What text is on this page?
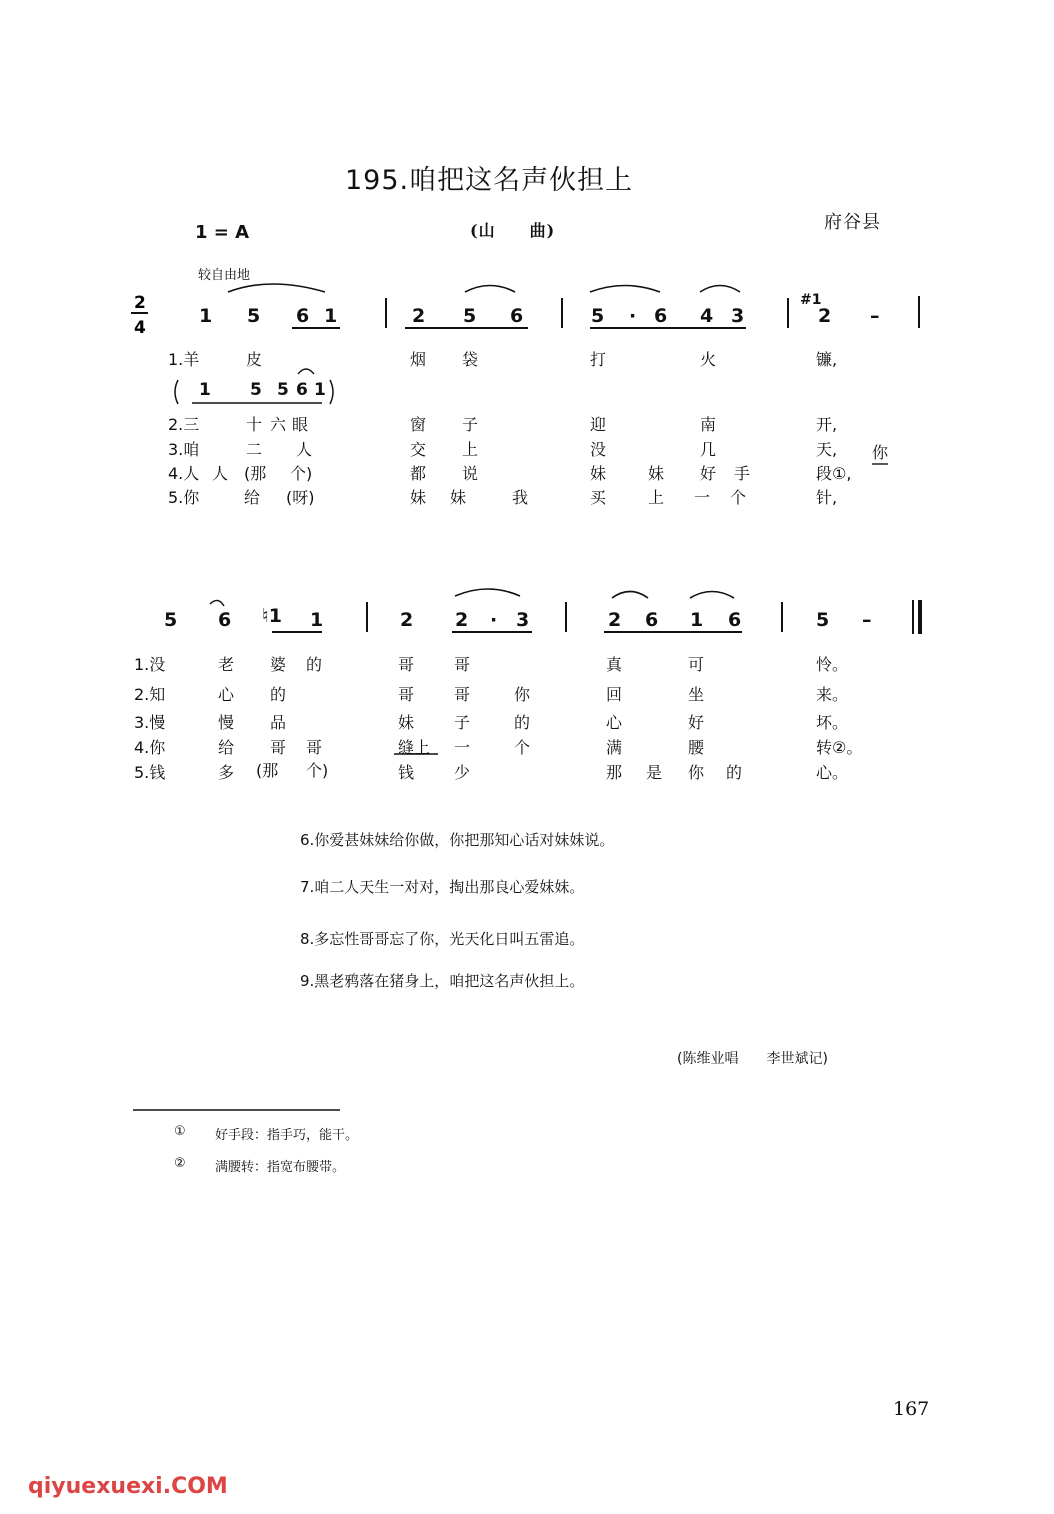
195.咱把这名声伙担上
1 = A	(山　　曲)	府谷县
较自由地
2
4
1 5 6 1	2 5 6	5 · 6 4 3
#1
2 –
1 5 5 6 1
1.羊	皮	烟 袋	打	火	镰,
2.三	十 六 眼	窗 子	迎	南	开,
3.咱	二 人	交 上	没	几	天, 你
4.人 人 (那 个)	都 说	妹	妹 好 手	段①,
5.你	给 (呀)	妹 妹	我	买	上 一 个	针,
5 6 ♮1 1	2 2 · 3	2 6 1 6	5 –
1.没	老 婆 的	哥 哥	真	可	怜。
2.知	心 的	哥 哥	你	回	坐	来。
3.慢	慢 品	妹 子	的	心	好	坏。
4.你	给 哥 哥	缝上 一	个	满	腰	转②。
5.钱	多 (那 个)	钱 少	那 是 你 的	心。
6.你爱甚妹妹给你做，你把那知心话对妹妹说。
7.咱二人天生一对对，掏出那良心爱妹妹。
8.多忘性哥哥忘了你，光天化日叫五雷追。
9.黑老鸦落在猪身上，咱把这名声伙担上。
(陈维业唱　　李世斌记)
① 好手段：指手巧，能干。
② 满腰转：指宽布腰带。
167
qiyuexuexi.COM
